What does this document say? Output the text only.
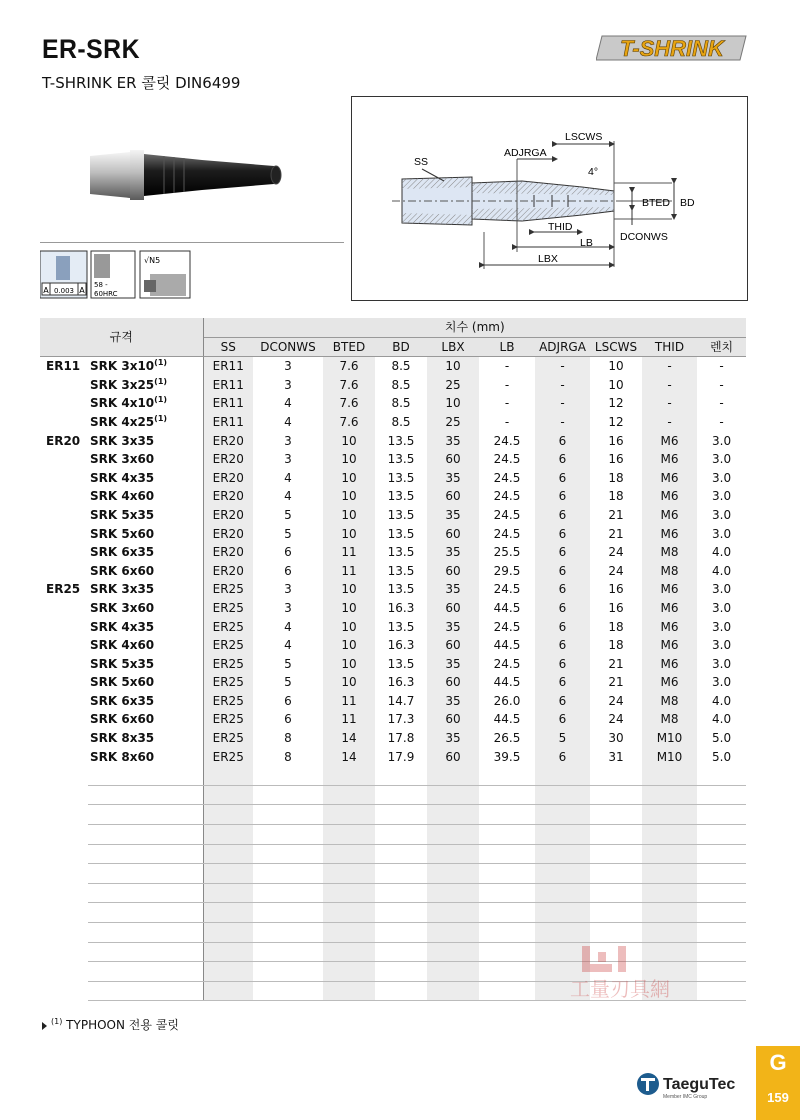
ER-SRK
T-SHRINK ER 콜릿 DIN6499
T-SHRINK
A 0.003 A
58 -
60HRC
√N5
LSCWS
ADJRGA
SS
4°
BTED BD
THID
LB	DCONWS
LBX
규격		치수 (mm)									
		SS	DCONWS	BTED	BD	LBX	LB	ADJRGA	LSCWS	THID	렌치
ER11	SRK 3x10$^{(1)}$	ER11	3	7.6	8.5	10	-	-	10	-	-
	SRK 3x25$^{(1)}$	ER11	3	7.6	8.5	25	-	-	10	-	-
	SRK 4x10$^{(1)}$	ER11	4	7.6	8.5	10	-	-	12	-	-
	SRK 4x25$^{(1)}$	ER11	4	7.6	8.5	25	-	-	12	-	-
ER20	SRK 3x35	ER20	3	10	13.5	35	24.5	6	16	M6	3.0
	SRK 3x60	ER20	3	10	13.5	60	24.5	6	16	M6	3.0
	SRK 4x35	ER20	4	10	13.5	35	24.5	6	18	M6	3.0
	SRK 4x60	ER20	4	10	13.5	60	24.5	6	18	M6	3.0
	SRK 5x35	ER20	5	10	13.5	35	24.5	6	21	M6	3.0
	SRK 5x60	ER20	5	10	13.5	60	24.5	6	21	M6	3.0
	SRK 6x35	ER20	6	11	13.5	35	25.5	6	24	M8	4.0
	SRK 6x60	ER20	6	11	13.5	60	29.5	6	24	M8	4.0
ER25	SRK 3x35	ER25	3	10	13.5	35	24.5	6	16	M6	3.0
	SRK 3x60	ER25	3	10	16.3	60	44.5	6	16	M6	3.0
	SRK 4x35	ER25	4	10	13.5	35	24.5	6	18	M6	3.0
	SRK 4x60	ER25	4	10	16.3	60	44.5	6	18	M6	3.0
	SRK 5x35	ER25	5	10	13.5	35	24.5	6	21	M6	3.0
	SRK 5x60	ER25	5	10	16.3	60	44.5	6	21	M6	3.0
	SRK 6x35	ER25	6	11	14.7	35	26.0	6	24	M8	4.0
	SRK 6x60	ER25	6	11	17.3	60	44.5	6	24	M8	4.0
	SRK 8x35	ER25	8	14	17.8	35	26.5	5	30	M10	5.0
	SRK 8x60	ER25	8	14	17.9	60	39.5	6	31	M10	5.0

$^{(1)}$ TYPHOON 전용 콜릿
工量刃具網
TaeguTec
Member IMC Group
G
159
